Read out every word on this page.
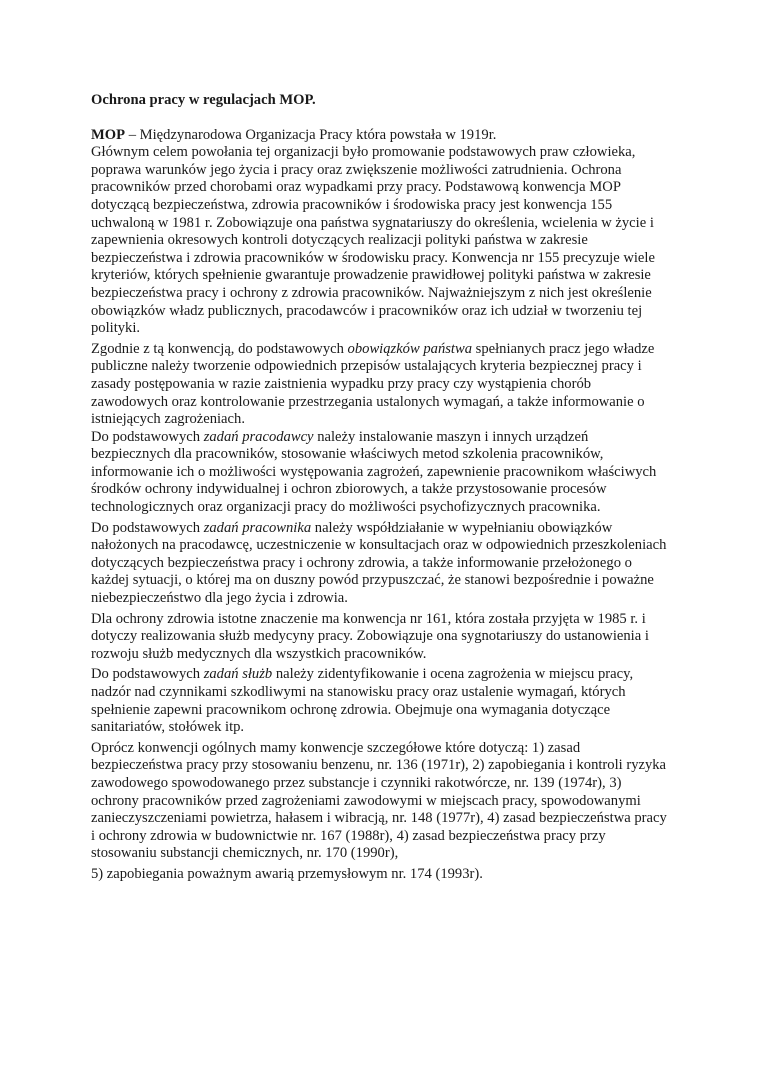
Ochrona pracy w regulacjach MOP.

MOP – Międzynarodowa Organizacja Pracy która powstała w 1919r.

Głównym celem powołania tej organizacji było promowanie podstawowych praw człowieka, poprawa warunków jego życia i pracy oraz zwiększenie możliwości zatrudnienia. Ochrona pracowników przed chorobami oraz wypadkami przy pracy. Podstawową konwencja MOP dotyczącą bezpieczeństwa, zdrowia pracowników i środowiska pracy jest konwencja 155 uchwaloną w 1981 r. Zobowiązuje ona państwa sygnatariuszy do określenia, wcielenia w życie i zapewnienia okresowych kontroli dotyczących realizacji polityki państwa w zakresie bezpieczeństwa i zdrowia pracowników w środowisku pracy. Konwencja nr 155 precyzuje wiele kryteriów, których spełnienie gwarantuje prowadzenie prawidłowej polityki państwa w zakresie bezpieczeństwa pracy i ochrony z zdrowia pracowników. Najważniejszym z nich jest określenie obowiązków władz publicznych, pracodawców i pracowników oraz ich udział w tworzeniu tej polityki.

Zgodnie z tą konwencją, do podstawowych obowiązków państwa spełnianych pracz jego władze publiczne należy tworzenie odpowiednich przepisów ustalających kryteria bezpiecznej pracy i zasady postępowania w razie zaistnienia wypadku przy pracy czy wystąpienia chorób zawodowych oraz kontrolowanie przestrzegania ustalonych wymagań, a także informowanie o istniejących zagrożeniach.

Do podstawowych zadań pracodawcy należy instalowanie maszyn i innych urządzeń bezpiecznych dla pracowników, stosowanie właściwych metod szkolenia pracowników, informowanie ich o możliwości występowania zagrożeń, zapewnienie pracownikom właściwych środków ochrony indywidualnej i ochron zbiorowych, a także przystosowanie procesów technologicznych oraz organizacji pracy do możliwości psychofizycznych pracownika.

Do podstawowych zadań pracownika należy współdziałanie w wypełnianiu obowiązków nałożonych na pracodawcę, uczestniczenie w konsultacjach oraz w odpowiednich przeszkoleniach dotyczących bezpieczeństwa pracy i ochrony zdrowia, a także informowanie przełożonego o każdej sytuacji, o której ma on duszny powód przypuszczać, że stanowi bezpośrednie i poważne niebezpieczeństwo dla jego życia i zdrowia.

Dla ochrony zdrowia istotne znaczenie ma konwencja nr 161, która została przyjęta w 1985 r. i dotyczy realizowania służb medycyny pracy. Zobowiązuje ona sygnotariuszy do ustanowienia i rozwoju służb medycznych dla wszystkich pracowników.

Do podstawowych zadań służb należy zidentyfikowanie i ocena zagrożenia w miejscu pracy, nadzór nad czynnikami szkodliwymi na stanowisku pracy oraz ustalenie wymagań, których spełnienie zapewni pracownikom ochronę zdrowia. Obejmuje ona wymagania dotyczące sanitariatów, stołówek itp.

Oprócz konwencji ogólnych mamy konwencje szczegółowe które dotyczą: 1) zasad bezpieczeństwa pracy przy stosowaniu benzenu, nr. 136 (1971r), 2) zapobiegania i kontroli ryzyka zawodowego spowodowanego przez substancje i czynniki rakotwórcze, nr. 139 (1974r), 3) ochrony pracowników przed zagrożeniami zawodowymi w miejscach pracy, spowodowanymi zanieczyszczeniami powietrza, hałasem i wibracją, nr. 148 (1977r), 4) zasad bezpieczeństwa pracy i ochrony zdrowia w budownictwie nr. 167 (1988r), 4) zasad bezpieczeństwa pracy przy stosowaniu substancji chemicznych, nr. 170 (1990r),

5) zapobiegania poważnym awarią przemysłowym nr. 174 (1993r).
